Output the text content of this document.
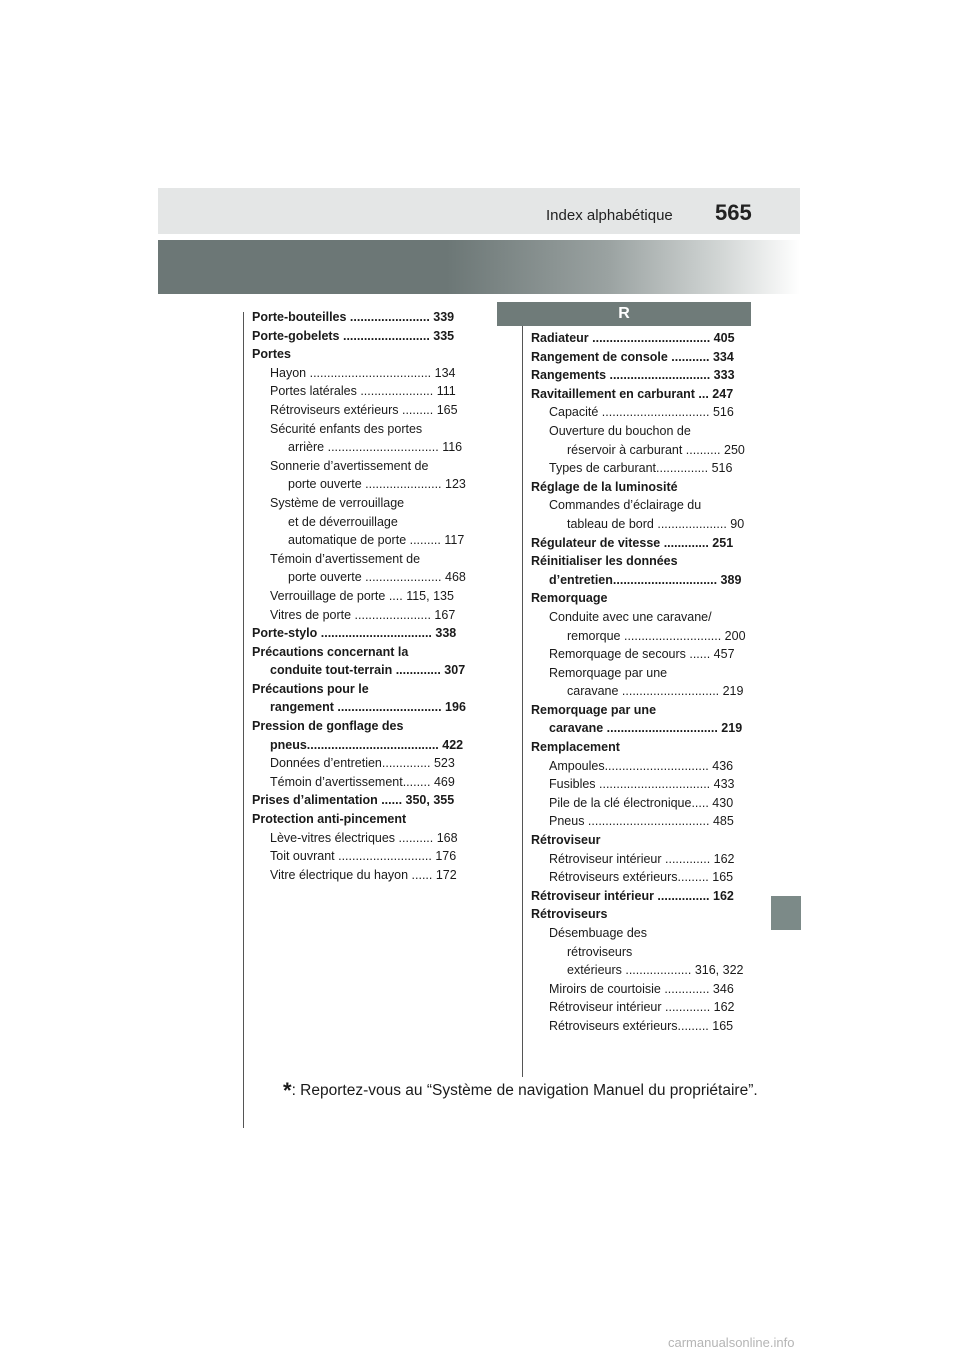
Index alphabétique 565
R

Porte-bouteilles ....................... 339

Porte-gobelets ......................... 335

Portes

Hayon ................................... 134

Portes latérales ..................... 111

Rétroviseurs extérieurs ......... 165

Sécurité enfants des portes

arrière ................................ 116

Sonnerie d’avertissement de

porte ouverte ...................... 123

Système de verrouillage

et de déverrouillage

automatique de porte ......... 117

Témoin d’avertissement de

porte ouverte ...................... 468

Verrouillage de porte .... 115, 135

Vitres de porte ...................... 167

Porte-stylo ................................ 338

Précautions concernant la

conduite tout-terrain ............. 307

Précautions pour le

rangement .............................. 196

Pression de gonflage des

pneus...................................... 422

Données d’entretien.............. 523

Témoin d’avertissement........ 469

Prises d’alimentation ...... 350, 355

Protection anti-pincement

Lève-vitres électriques .......... 168

Toit ouvrant ........................... 176

Vitre électrique du hayon ...... 172

Radiateur .................................. 405

Rangement de console ........... 334

Rangements ............................. 333

Ravitaillement en carburant ... 247

Capacité ............................... 516

Ouverture du bouchon de

réservoir à carburant .......... 250

Types de carburant............... 516

Réglage de la luminosité

Commandes d’éclairage du

tableau de bord .................... 90

Régulateur de vitesse ............. 251

Réinitialiser les données

d’entretien.............................. 389

Remorquage

Conduite avec une caravane/

remorque ............................ 200

Remorquage de secours ...... 457

Remorquage par une

caravane ............................ 219

Remorquage par une

caravane ................................ 219

Remplacement

Ampoules.............................. 436

Fusibles ................................ 433

Pile de la clé électronique..... 430

Pneus ................................... 485

Rétroviseur

Rétroviseur intérieur ............. 162

Rétroviseurs extérieurs......... 165

Rétroviseur intérieur ............... 162

Rétroviseurs

Désembuage des

rétroviseurs

extérieurs ................... 316, 322

Miroirs de courtoisie ............. 346

Rétroviseur intérieur ............. 162

Rétroviseurs extérieurs......... 165

*: Reportez-vous au “Système de navigation Manuel du propriétaire”.
carmanualsonline.info
